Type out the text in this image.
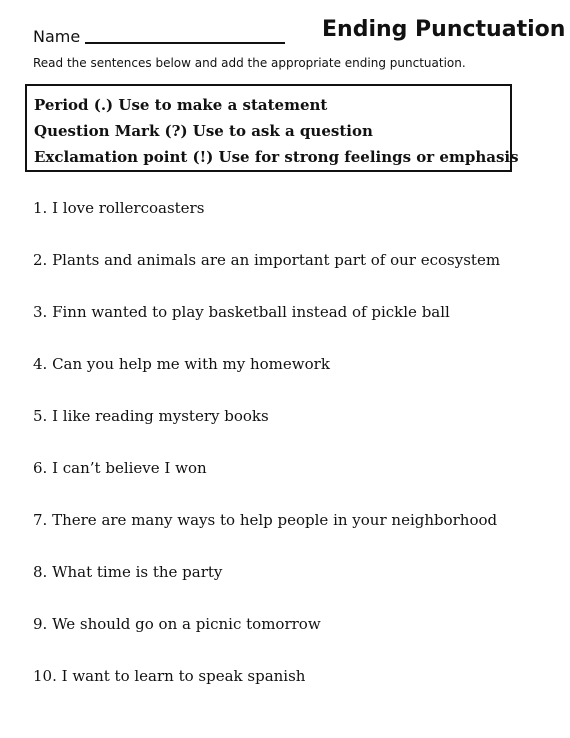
Name	Ending Punctuation
Read the sentences below and add the appropriate ending punctuation.
Period (.) Use to make a statement
Question Mark (?) Use to ask a question
Exclamation point (!) Use for strong feelings or emphasis
1. I love rollercoasters
2. Plants and animals are an important part of our ecosystem
3. Finn wanted to play basketball instead of pickle ball
4. Can you help me with my homework
5. I like reading mystery books
6. I can’t believe I won
7. There are many ways to help people in your neighborhood
8. What time is the party
9. We should go on a picnic tomorrow
10. I want to learn to speak spanish
